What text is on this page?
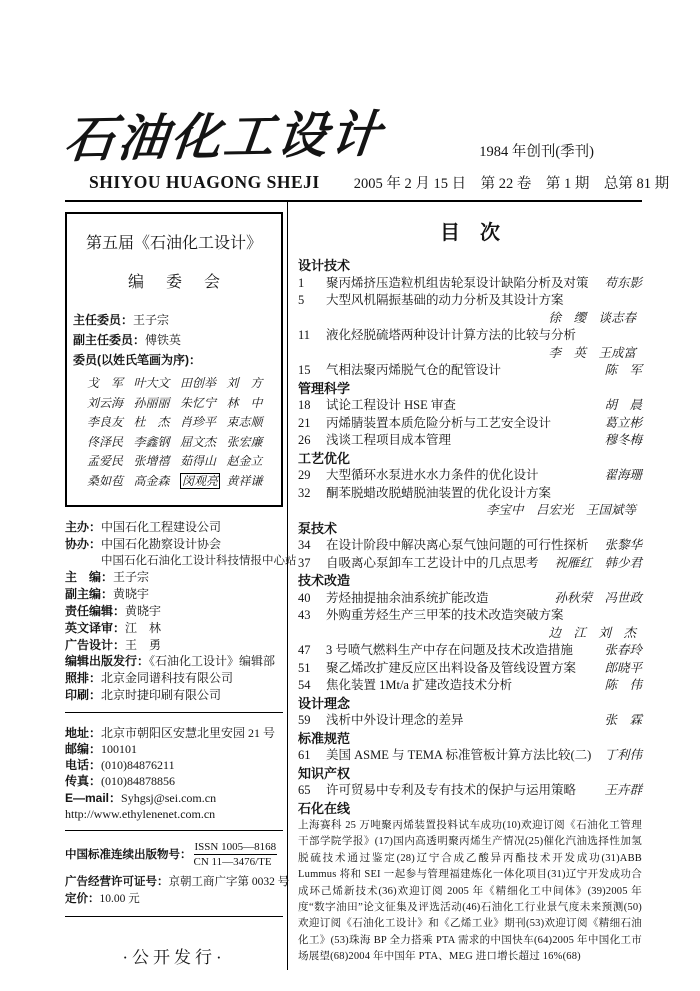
石油化工设计	1984 年创刊(季刊)
SHIYOU HUAGONG SHEJI 2005 年 2 月 15 日　第 22 卷　第 1 期　总第 81 期
第五届《石油化工设计》
编 委 会
主任委员：王子宗
副主任委员：傅铁英
委员(以姓氏笔画为序)：
戈　军 叶大文 田创举 刘　方
刘云海 孙丽丽 朱忆宁 林　中
李良友 杜　杰 肖珍平 束志顺
佟泽民 李鑫钢 屈文杰 张宏廉
孟爱民 张增禧 茹得山 赵金立
桑如苞 高金森	闵观亮 黄祥谦
主办：中国石化工程建设公司
协办：中国石化勘察设计协会
中国石化石油化工设计科技情报中心站
主　编：王子宗
副主编：黄晓宇
责任编辑：黄晓宇
英文译审：江　林
广告设计：王　勇
编辑出版发行：《石油化工设计》编辑部
照排：北京金同谱科技有限公司
印刷：北京时捷印刷有限公司
地址：北京市朝阳区安慧北里安园 21 号
邮编：100101
电话：(010)84876211
传真：(010)84878856
E—mail：Syhgsj@sei.com.cn
http://www.ethylenenet.com.cn
中国标准连续出版物号： $\frac{\text{ISSN 1005—8168}}{CN 11—3476/TE}$
广告经营许可证号：京朝工商广字第 0032 号
定价：10.00 元
·公开发行·
目　次
设计技术
1	聚丙烯挤压造粒机组齿轮泵设计缺陷分析及对策	苟东影
5	大型风机隔振基础的动力分析及其设计方案
徐　缨　谈志春
11	液化烃脱硫塔两种设计计算方法的比较与分析
李　英　王成富
15	气相法聚丙烯脱气仓的配管设计	陈　军
管理科学
18	试论工程设计 HSE 审查	胡　晨
21	丙烯腈装置本质危险分析与工艺安全设计	葛立彬
26	浅谈工程项目成本管理	穆冬梅
工艺优化
29	大型循环水泵进水水力条件的优化设计	翟海珊
32	酮苯脱蜡改脱蜡脱油装置的优化设计方案
李宝中　吕宏光　王国斌等
泵技术
34	在设计阶段中解决离心泵气蚀问题的可行性探析	张黎华
37	自吸离心泵卸车工艺设计中的几点思考	祝雁红　韩少君
技术改造
40	芳烃抽提抽余油系统扩能改造	孙秋荣　冯世政
43	外购重芳烃生产三甲苯的技术改造突破方案
边　江　刘　杰
47	3 号喷气燃料生产中存在问题及技术改造措施	张春玲
51	聚乙烯改扩建反应区出料设备及管线设置方案	郎晓平
54	焦化装置 1Mt/a 扩建改造技术分析	陈　伟
设计理念
59	浅析中外设计理念的差异	张　霖
标准规范
61	美国 ASME 与 TEMA 标准管板计算方法比较(二)	丁利伟
知识产权
65	许可贸易中专利及专有技术的保护与运用策略	王卉群
石化在线
上海赛科 25 万吨聚丙烯装置投料试车成功(10)欢迎订阅《石油化工管理干部学院学报》(17)国内高透明聚丙烯生产情况(25)催化汽油选择性加氢脱硫技术通过鉴定(28)辽宁合成乙酸异丙酯技术开发成功(31)ABB Lummus 将和 SEI 一起参与管理福建炼化一体化项目(31)辽宁开发成功合成环己烯新技术(36)欢迎订阅 2005 年《精细化工中间体》(39)2005 年度“数字油田”论文征集及评选活动(46)石油化工行业景气度未来预测(50)欢迎订阅《石油化工设计》和《乙烯工业》期刊(53)欢迎订阅《精细石油化工》(53)珠海 BP 全力搭乘 PTA 需求的中国快车(64)2005 年中国化工市场展望(68)2004 年中国年 PTA、MEG 进口增长超过 16%(68)
